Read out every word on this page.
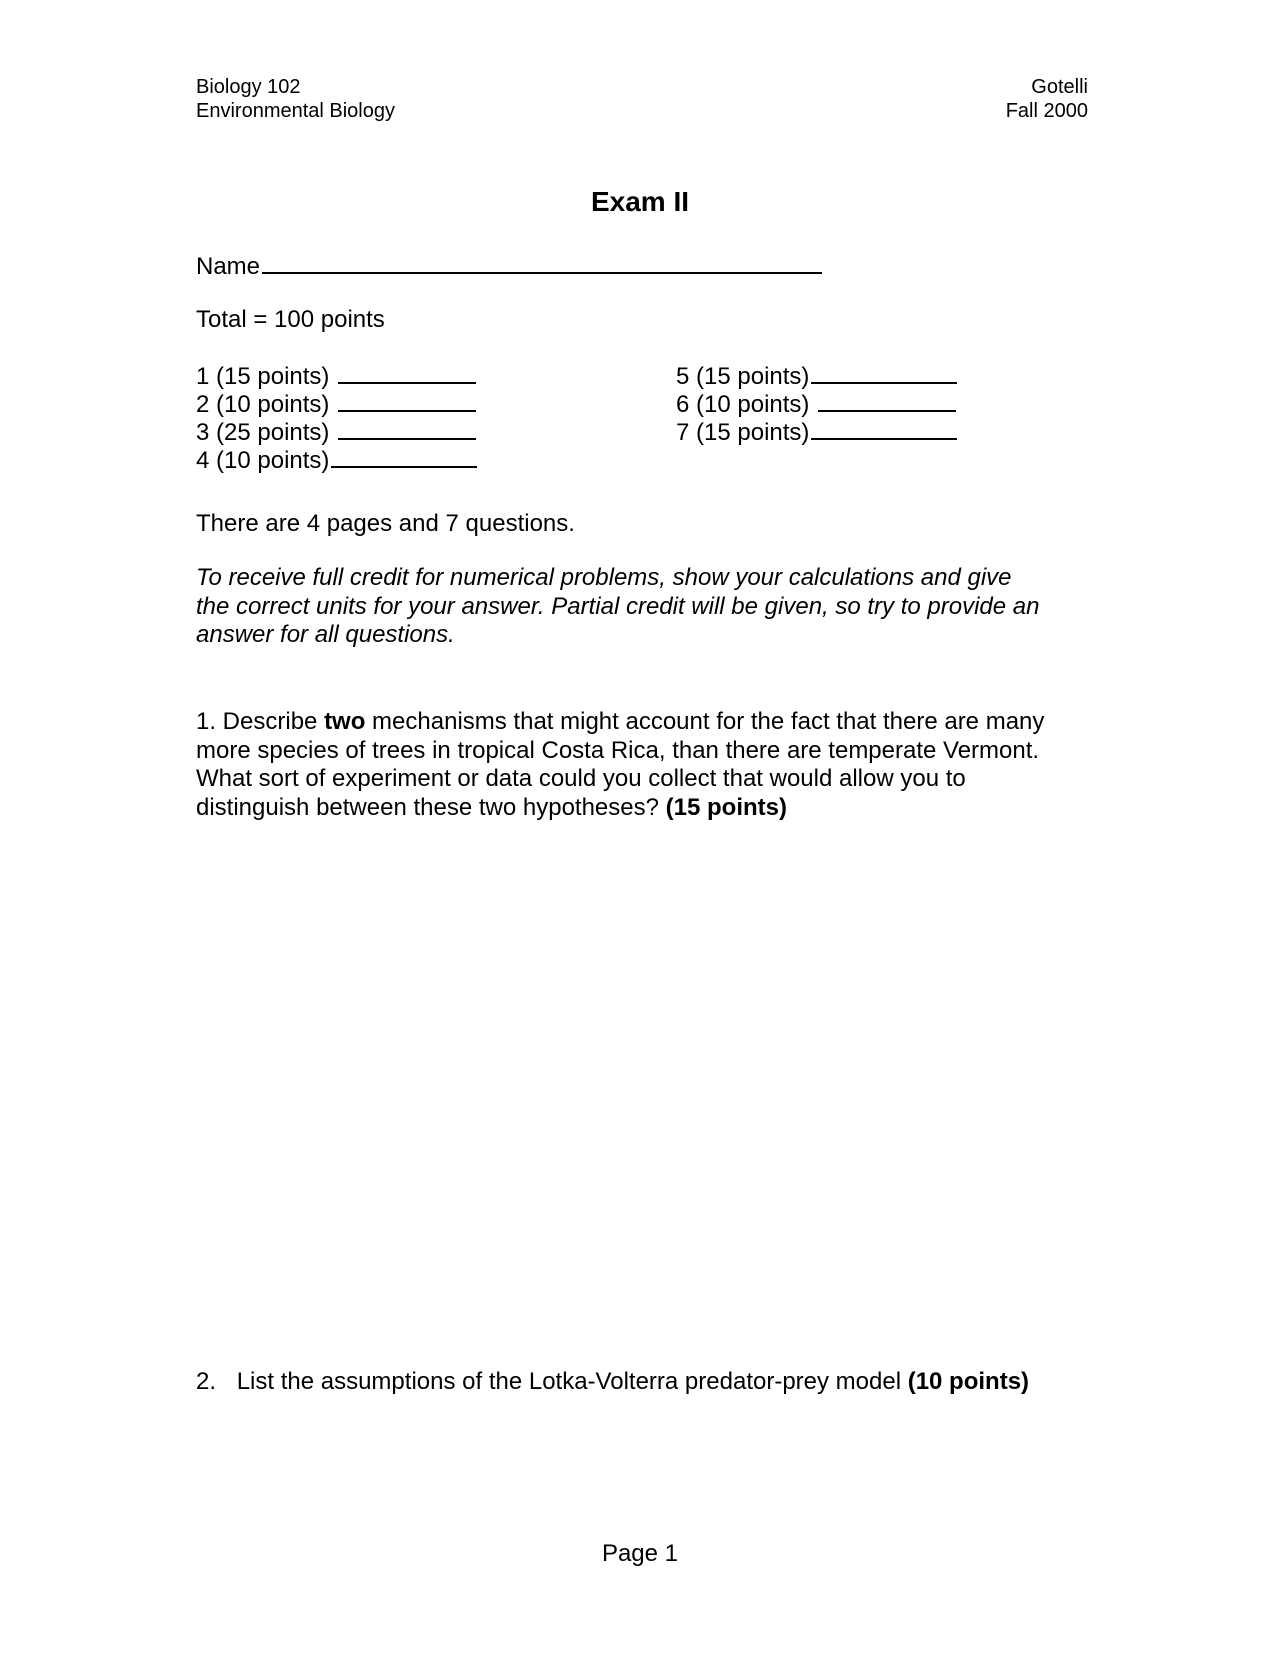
Biology 102
Environmental Biology
Gotelli
Fall 2000
Exam II
Name
Total = 100 points
1 (15 points)
2 (10 points)
3 (25 points)
4 (10 points)
5 (15 points)
6 (10 points)
7 (15 points)
There are 4 pages and 7 questions.
To receive full credit for numerical problems, show your calculations and give
the correct units for your answer. Partial credit will be given, so try to provide an
answer for all questions.
1. Describe two mechanisms that might account for the fact that there are many
more species of trees in tropical Costa Rica, than there are temperate Vermont.
What sort of experiment or data could you collect that would allow you to
distinguish between these two hypotheses? (15 points)
2. List the assumptions of the Lotka-Volterra predator-prey model (10 points)
Page 1
